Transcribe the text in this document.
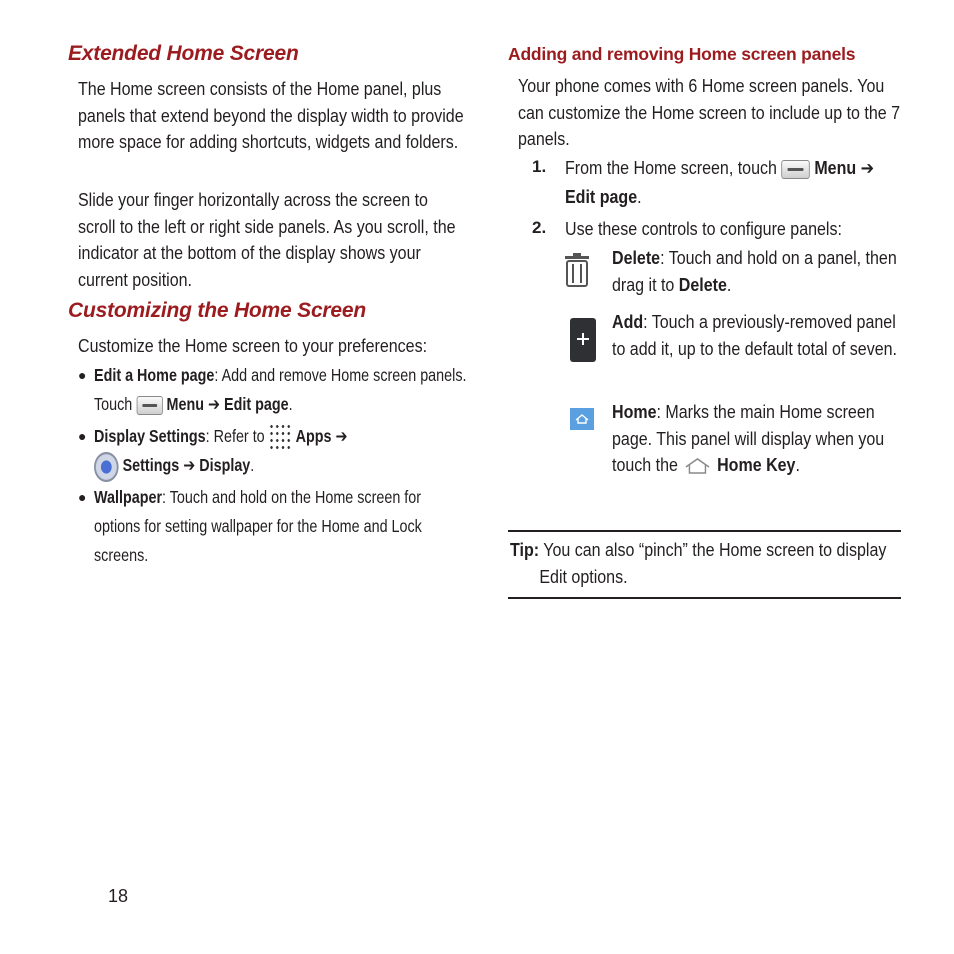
Extended Home Screen

The Home screen consists of the Home panel, plus panels that extend beyond the display width to provide more space for adding shortcuts, widgets and folders.

Slide your finger horizontally across the screen to scroll to the left or right side panels. As you scroll, the indicator at the bottom of the display shows your current position.

Customizing the Home Screen

Customize the Home screen to your preferences:

● Edit a Home page: Add and remove Home screen panels. Touch Menu ➔ Edit page.
● Display Settings: Refer to Apps ➔
Settings ➔ Display.
● Wallpaper: Touch and hold on the Home screen for options for setting wallpaper for the Home and Lock screens.
Adding and removing Home screen panels

Your phone comes with 6 Home screen panels. You can customize the Home screen to include up to the 7 panels.

1. From the Home screen, touch Menu ➔
Edit page.
2. Use these controls to configure panels:
Delete: Touch and hold on a panel, then drag it to Delete.
Add: Touch a previously-removed panel to add it, up to the default total of seven.
Home: Marks the main Home screen page. This panel will display when you touch the Home Key.
Tip: You can also “pinch” the Home screen to display Edit options.
18
